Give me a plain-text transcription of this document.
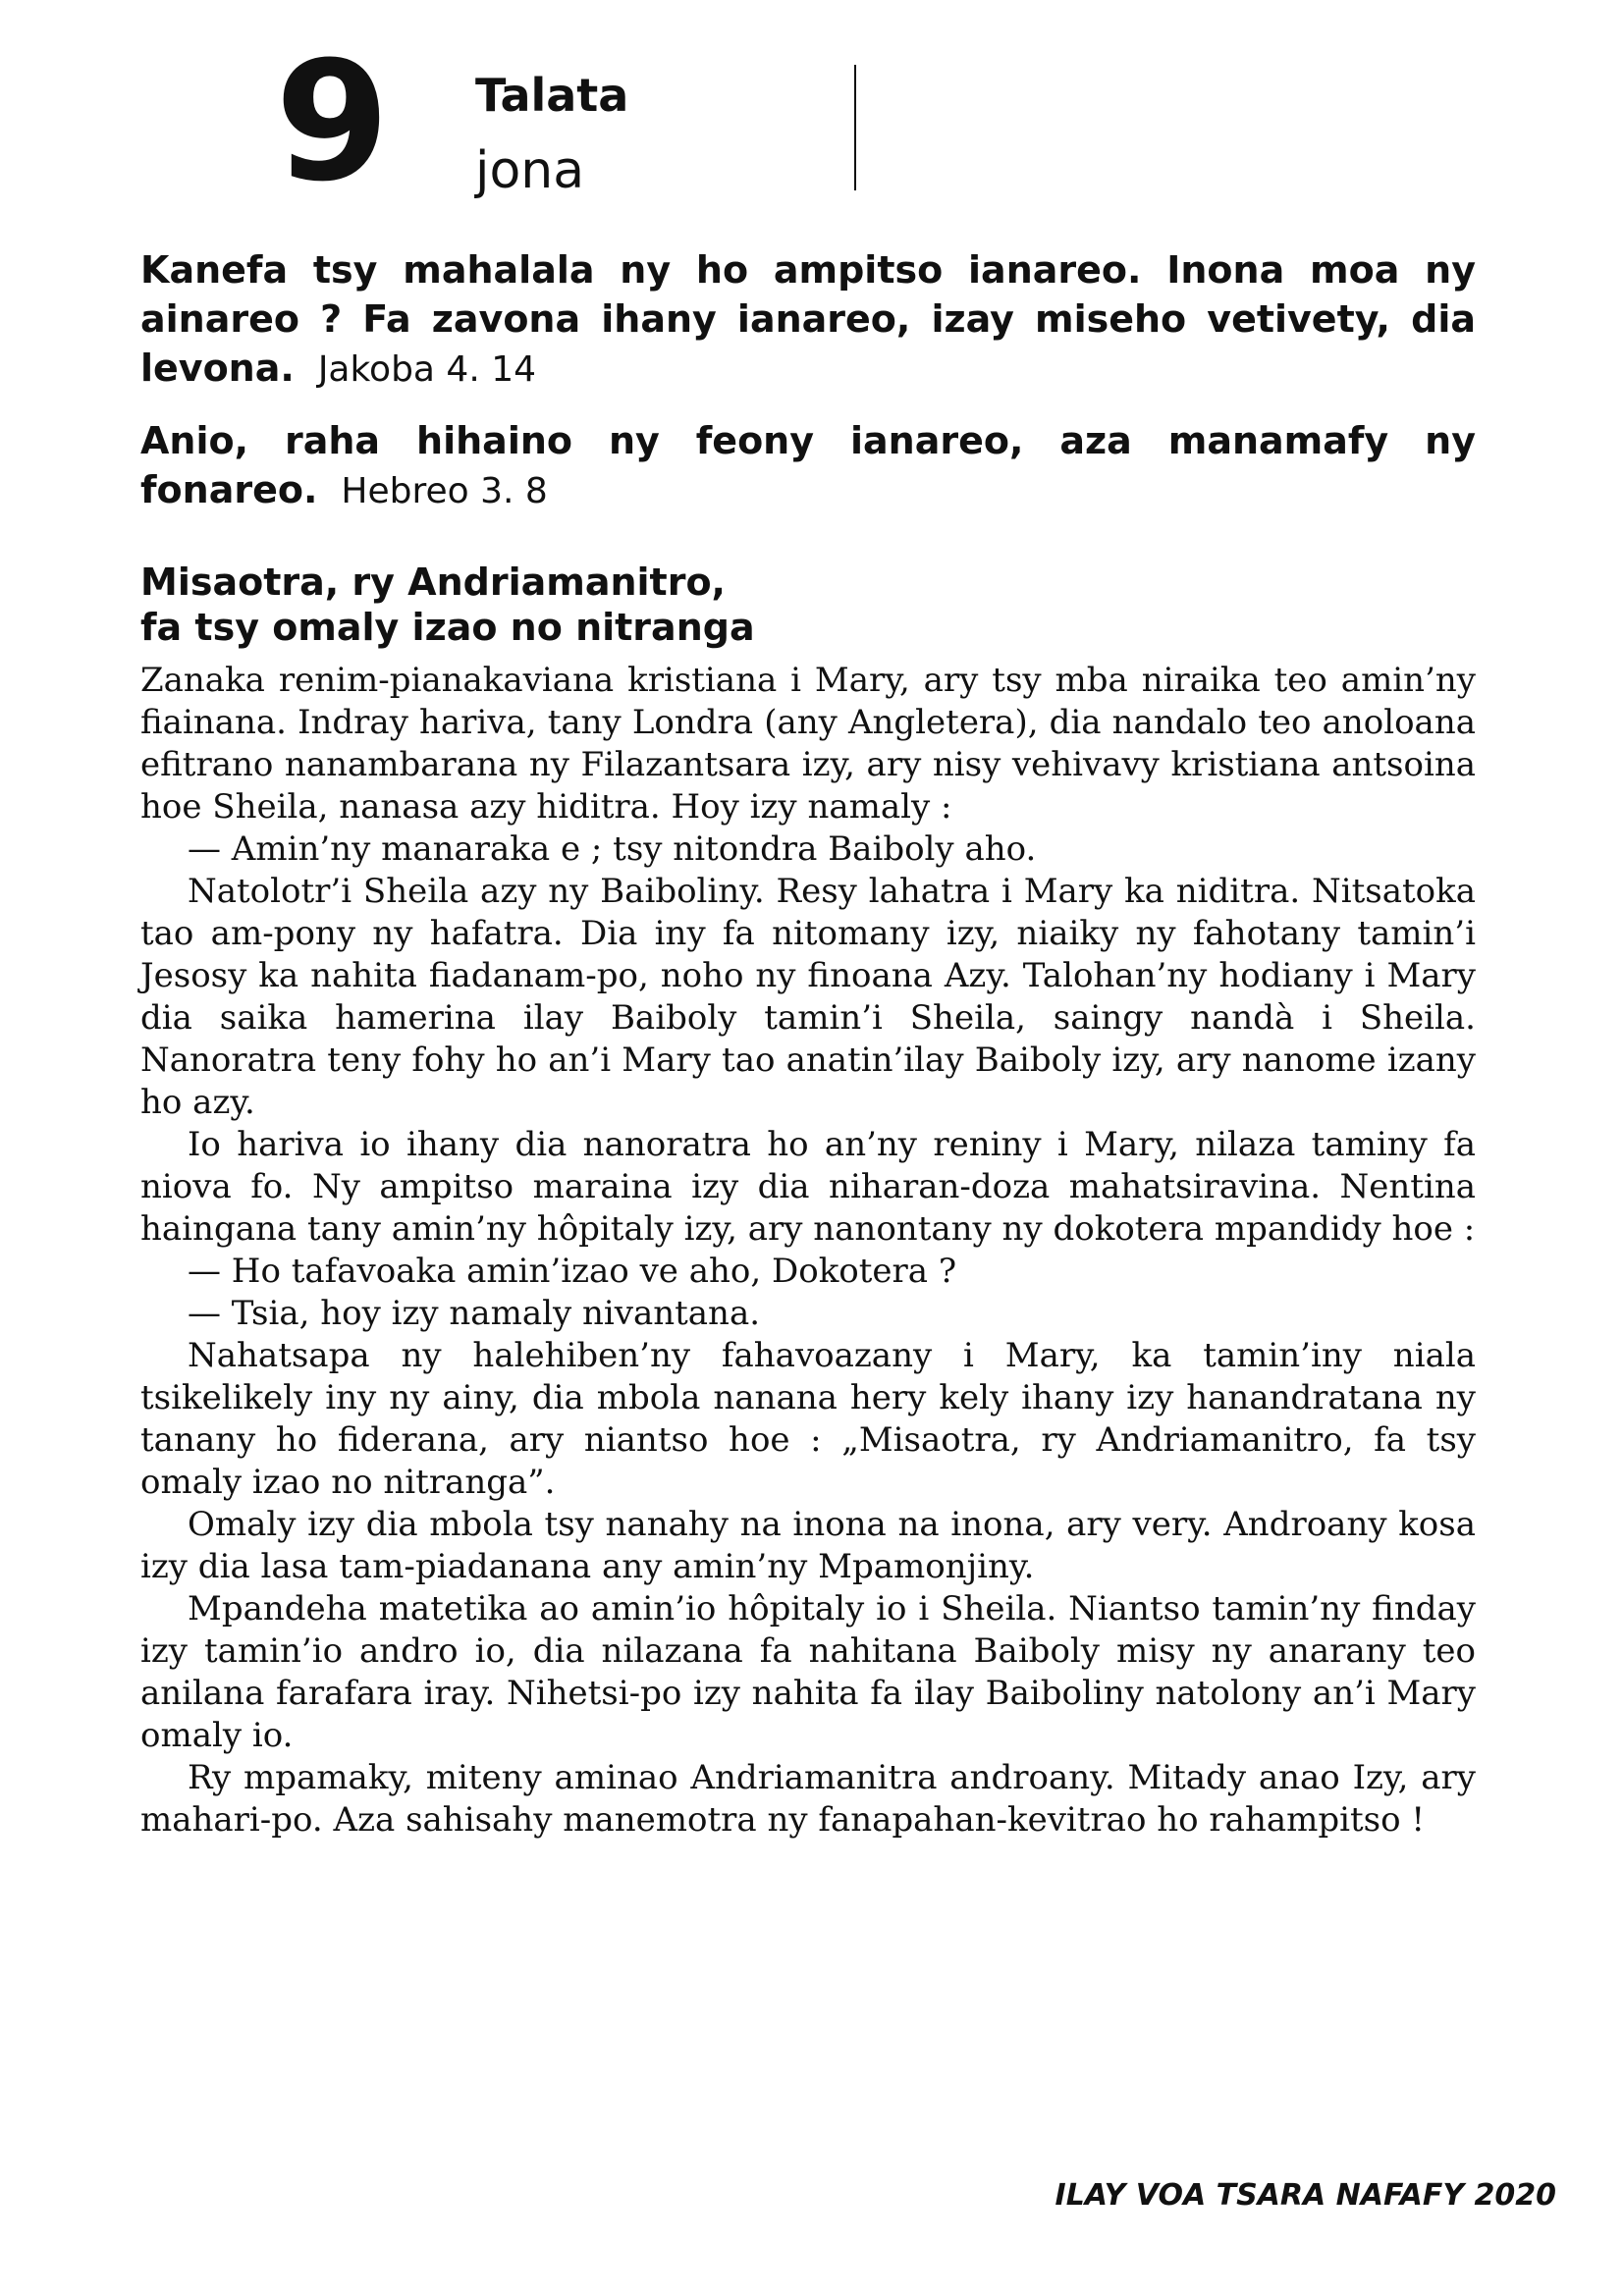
9 Talata
jona

Kanefa tsy mahalala ny ho ampitso ianareo. Inona moa ny ainareo ? Fa zavona ihany ianareo, izay miseho vetivety, dia levona. Jakoba 4. 14

Anio, raha hihaino ny feony ianareo, aza manamafy ny fonareo. Hebreo 3. 8

Misaotra, ry Andriamanitro,
fa tsy omaly izao no nitranga

Zanaka renim-pianakaviana kristiana i Mary, ary tsy mba niraika teo amin’ny fiainana. Indray hariva, tany Londra (any Angletera), dia nandalo teo anoloana efitrano nanambarana ny Filazantsara izy, ary nisy vehivavy kristiana antsoina hoe Sheila, nanasa azy hiditra. Hoy izy namaly :

— Amin’ny manaraka e ; tsy nitondra Baiboly aho.

Natolotr’i Sheila azy ny Baiboliny. Resy lahatra i Mary ka niditra. Nitsatoka tao am-pony ny hafatra. Dia iny fa nitomany izy, niaiky ny fahotany tamin’i Jesosy ka nahita fiadanam-po, noho ny finoana Azy. Talohan’ny hodiany i Mary dia saika hamerina ilay Baiboly tamin’i Sheila, saingy nandà i Sheila. Nanoratra teny fohy ho an’i Mary tao anatin’ilay Baiboly izy, ary nanome izany ho azy.

Io hariva io ihany dia nanoratra ho an’ny reniny i Mary, nilaza taminy fa niova fo. Ny ampitso maraina izy dia niharan-doza mahatsiravina. Nentina haingana tany amin’ny hôpitaly izy, ary nanontany ny dokotera mpandidy hoe :

— Ho tafavoaka amin’izao ve aho, Dokotera ?

— Tsia, hoy izy namaly nivantana.

Nahatsapa ny halehiben’ny fahavoazany i Mary, ka tamin’iny niala tsikelikely iny ny ainy, dia mbola nanana hery kely ihany izy hanandratana ny tanany ho fiderana, ary niantso hoe : „Misaotra, ry Andriamanitro, fa tsy omaly izao no nitranga”.

Omaly izy dia mbola tsy nanahy na inona na inona, ary very. Androany kosa izy dia lasa tam-piadanana any amin’ny Mpamonjiny.

Mpandeha matetika ao amin’io hôpitaly io i Sheila. Niantso tamin’ny finday izy tamin’io andro io, dia nilazana fa nahitana Baiboly misy ny anarany teo anilana farafara iray. Nihetsi-po izy nahita fa ilay Baiboliny natolony an’i Mary omaly io.

Ry mpamaky, miteny aminao Andriamanitra androany. Mitady anao Izy, ary mahari-po. Aza sahisahy manemotra ny fanapahan-kevitrao ho rahampitso !

ILAY VOA TSARA NAFAFY 2020
